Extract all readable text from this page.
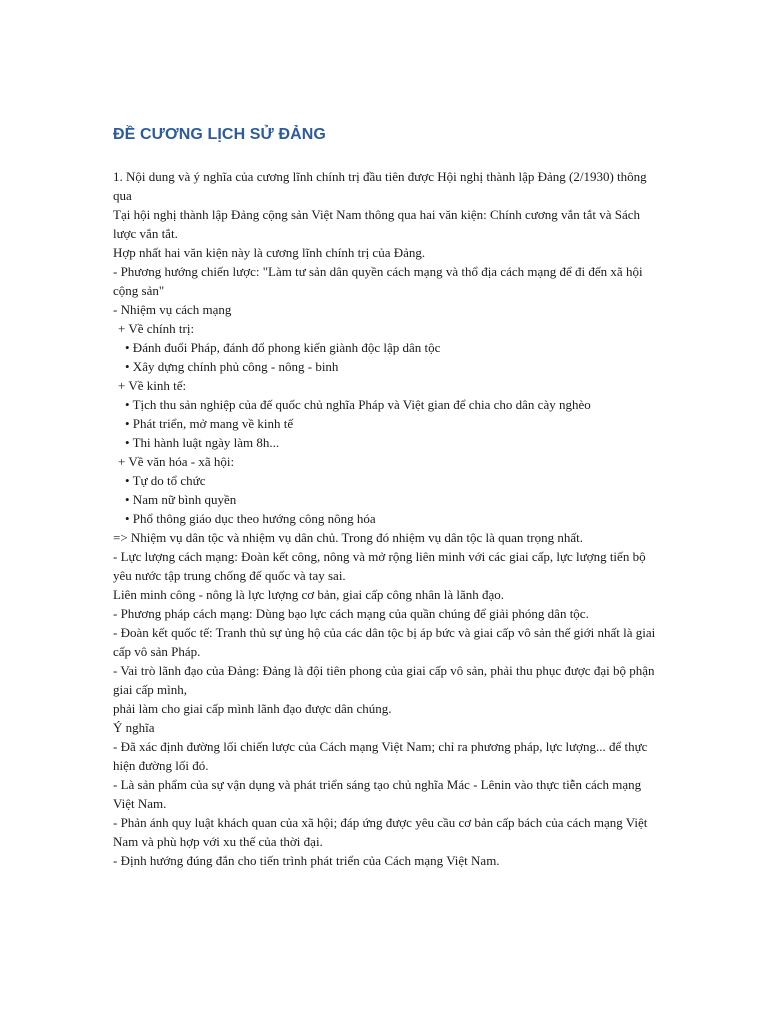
ĐỀ CƯƠNG LỊCH SỬ ĐẢNG

1. Nội dung và ý nghĩa của cương lĩnh chính trị đầu tiên được Hội nghị thành lập Đảng (2/1930) thông qua

Tại hội nghị thành lập Đảng cộng sản Việt Nam thông qua hai văn kiện: Chính cương vắn tắt và Sách lược vắn tắt.

Hợp nhất hai văn kiện này là cương lĩnh chính trị của Đảng.

- Phương hướng chiến lược: "Làm tư sản dân quyền cách mạng và thổ địa cách mạng để đi đến xã hội cộng sản"

- Nhiệm vụ cách mạng

+ Về chính trị:

• Đánh đuổi Pháp, đánh đổ phong kiến giành độc lập dân tộc

• Xây dựng chính phủ công - nông - binh

+ Về kinh tế:

• Tịch thu sản nghiệp của đế quốc chủ nghĩa Pháp và Việt gian để chia cho dân cày nghèo

• Phát triển, mở mang về kinh tế

• Thi hành luật ngày làm 8h...

+ Về văn hóa - xã hội:

• Tự do tổ chức

• Nam nữ bình quyền

• Phổ thông giáo dục theo hướng công nông hóa

=> Nhiệm vụ dân tộc và nhiệm vụ dân chủ. Trong đó nhiệm vụ dân tộc là quan trọng nhất.

- Lực lượng cách mạng: Đoàn kết công, nông và mở rộng liên minh với các giai cấp, lực lượng tiến bộ yêu nước tập trung chống đế quốc và tay sai.

Liên minh công - nông là lực lượng cơ bản, giai cấp công nhân là lãnh đạo.

- Phương pháp cách mạng: Dùng bạo lực cách mạng của quần chúng để giải phóng dân tộc.

- Đoàn kết quốc tế: Tranh thủ sự ủng hộ của các dân tộc bị áp bức và giai cấp vô sản thế giới nhất là giai cấp vô sản Pháp.

- Vai trò lãnh đạo của Đảng: Đảng là đội tiên phong của giai cấp vô sản, phải thu phục được đại bộ phận giai cấp mình,

phải làm cho giai cấp mình lãnh đạo được dân chúng.

Ý nghĩa

- Đã xác định đường lối chiến lược của Cách mạng Việt Nam; chỉ ra phương pháp, lực lượng... để thực hiện đường lối đó.

- Là sản phẩm của sự vận dụng và phát triển sáng tạo chủ nghĩa Mác - Lênin vào thực tiễn cách mạng Việt Nam.

- Phản ánh quy luật khách quan của xã hội; đáp ứng được yêu cầu cơ bản cấp bách của cách mạng Việt Nam và phù hợp với xu thế của thời đại.

- Định hướng đúng đắn cho tiến trình phát triển của Cách mạng Việt Nam.
